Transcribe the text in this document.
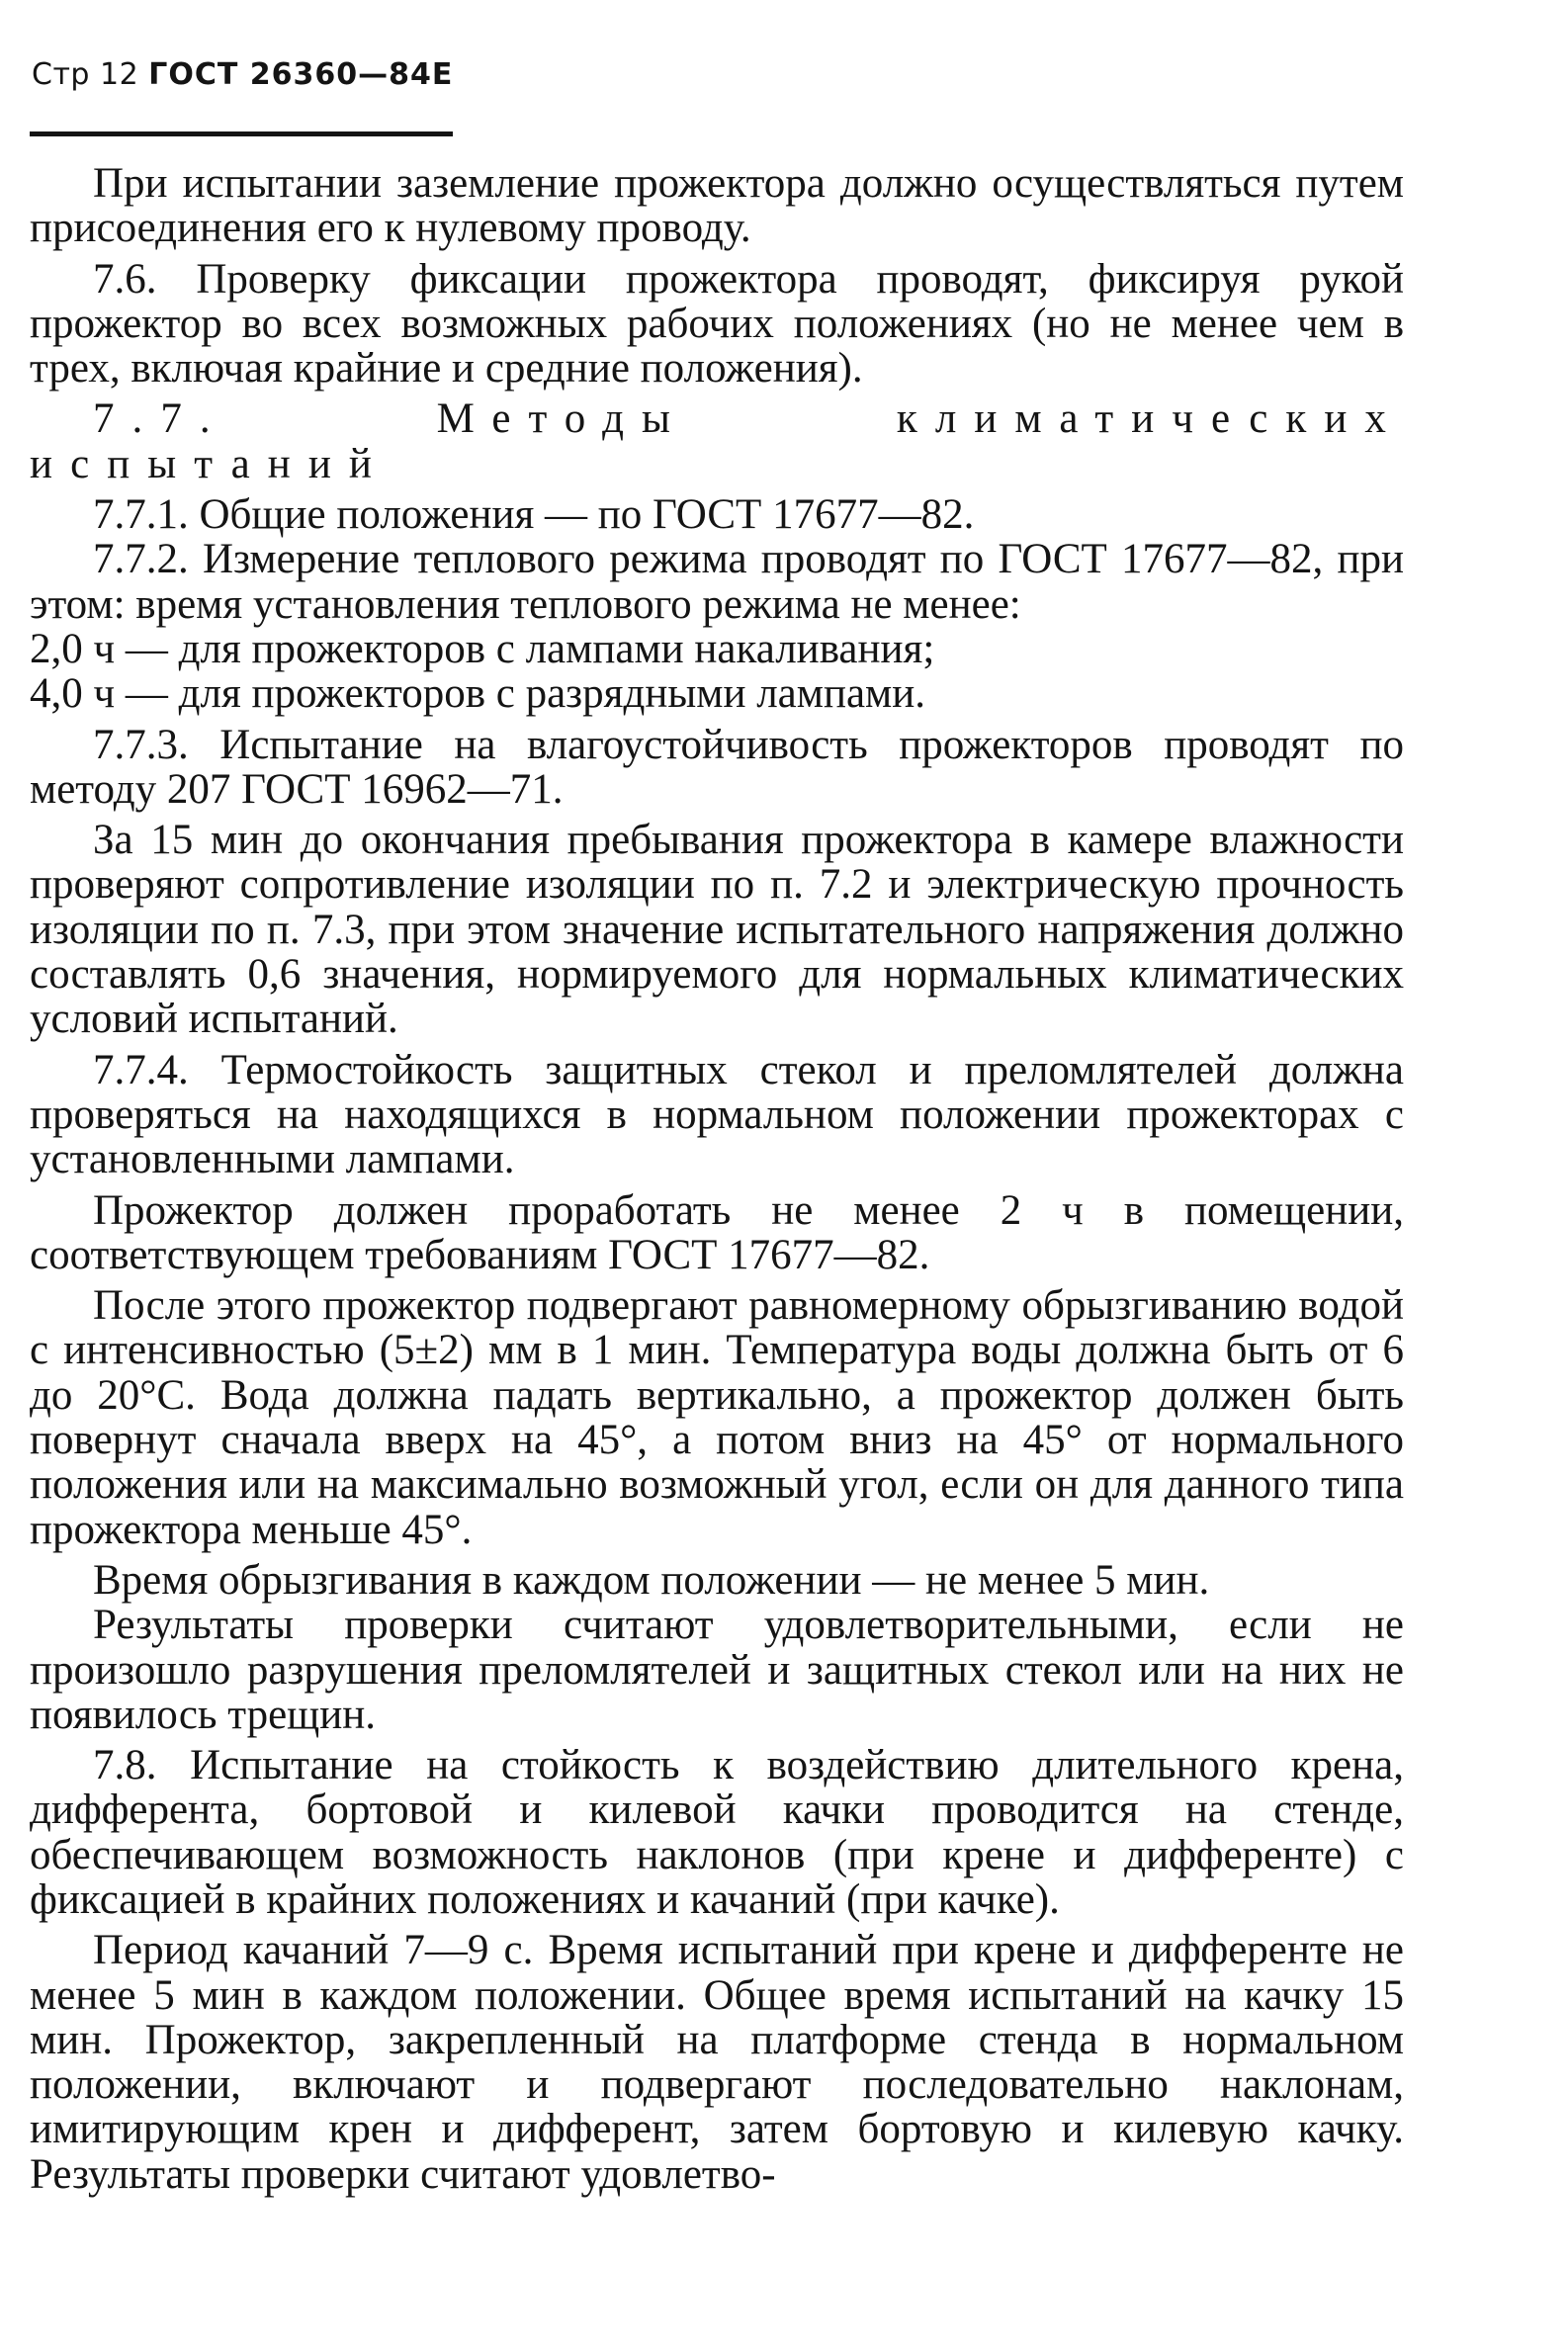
Стр 12 ГОСТ 26360—84Е

При испытании заземление прожектора должно осуществляться путем присоединения его к нулевому проводу.

7.6. Проверку фиксации прожектора проводят, фиксируя рукой прожектор во всех возможных рабочих положениях (но не менее чем в трех, включая крайние и средние положения).

7.7. Методы климатических испытаний

7.7.1. Общие положения — по ГОСТ 17677—82.

7.7.2. Измерение теплового режима проводят по ГОСТ 17677—82, при этом: время установления теплового режима не менее:

2,0 ч — для прожекторов с лампами накаливания;

4,0 ч — для прожекторов с разрядными лампами.

7.7.3. Испытание на влагоустойчивость прожекторов проводят по методу 207 ГОСТ 16962—71.

За 15 мин до окончания пребывания прожектора в камере влажности проверяют сопротивление изоляции по п. 7.2 и электрическую прочность изоляции по п. 7.3, при этом значение испытательного напряжения должно составлять 0,6 значения, нормируемого для нормальных климатических условий испытаний.

7.7.4. Термостойкость защитных стекол и преломлятелей должна проверяться на находящихся в нормальном положении прожекторах с установленными лампами.

Прожектор должен проработать не менее 2 ч в помещении, соответствующем требованиям ГОСТ 17677—82.

После этого прожектор подвергают равномерному обрызгиванию водой с интенсивностью (5±2) мм в 1 мин. Температура воды должна быть от 6 до 20°С. Вода должна падать вертикально, а прожектор должен быть повернут сначала вверх на 45°, а потом вниз на 45° от нормального положения или на максимально возможный угол, если он для данного типа прожектора меньше 45°.

Время обрызгивания в каждом положении — не менее 5 мин.

Результаты проверки считают удовлетворительными, если не произошло разрушения преломлятелей и защитных стекол или на них не появилось трещин.

7.8. Испытание на стойкость к воздействию длительного крена, дифферента, бортовой и килевой качки проводится на стенде, обеспечивающем возможность наклонов (при крене и дифференте) с фиксацией в крайних положениях и качаний (при качке).

Период качаний 7—9 с. Время испытаний при крене и дифференте не менее 5 мин в каждом положении. Общее время испытаний на качку 15 мин. Прожектор, закрепленный на платформе стенда в нормальном положении, включают и подвергают последовательно наклонам, имитирующим крен и дифферент, затем бортовую и килевую качку. Результаты проверки считают удовлетво-
